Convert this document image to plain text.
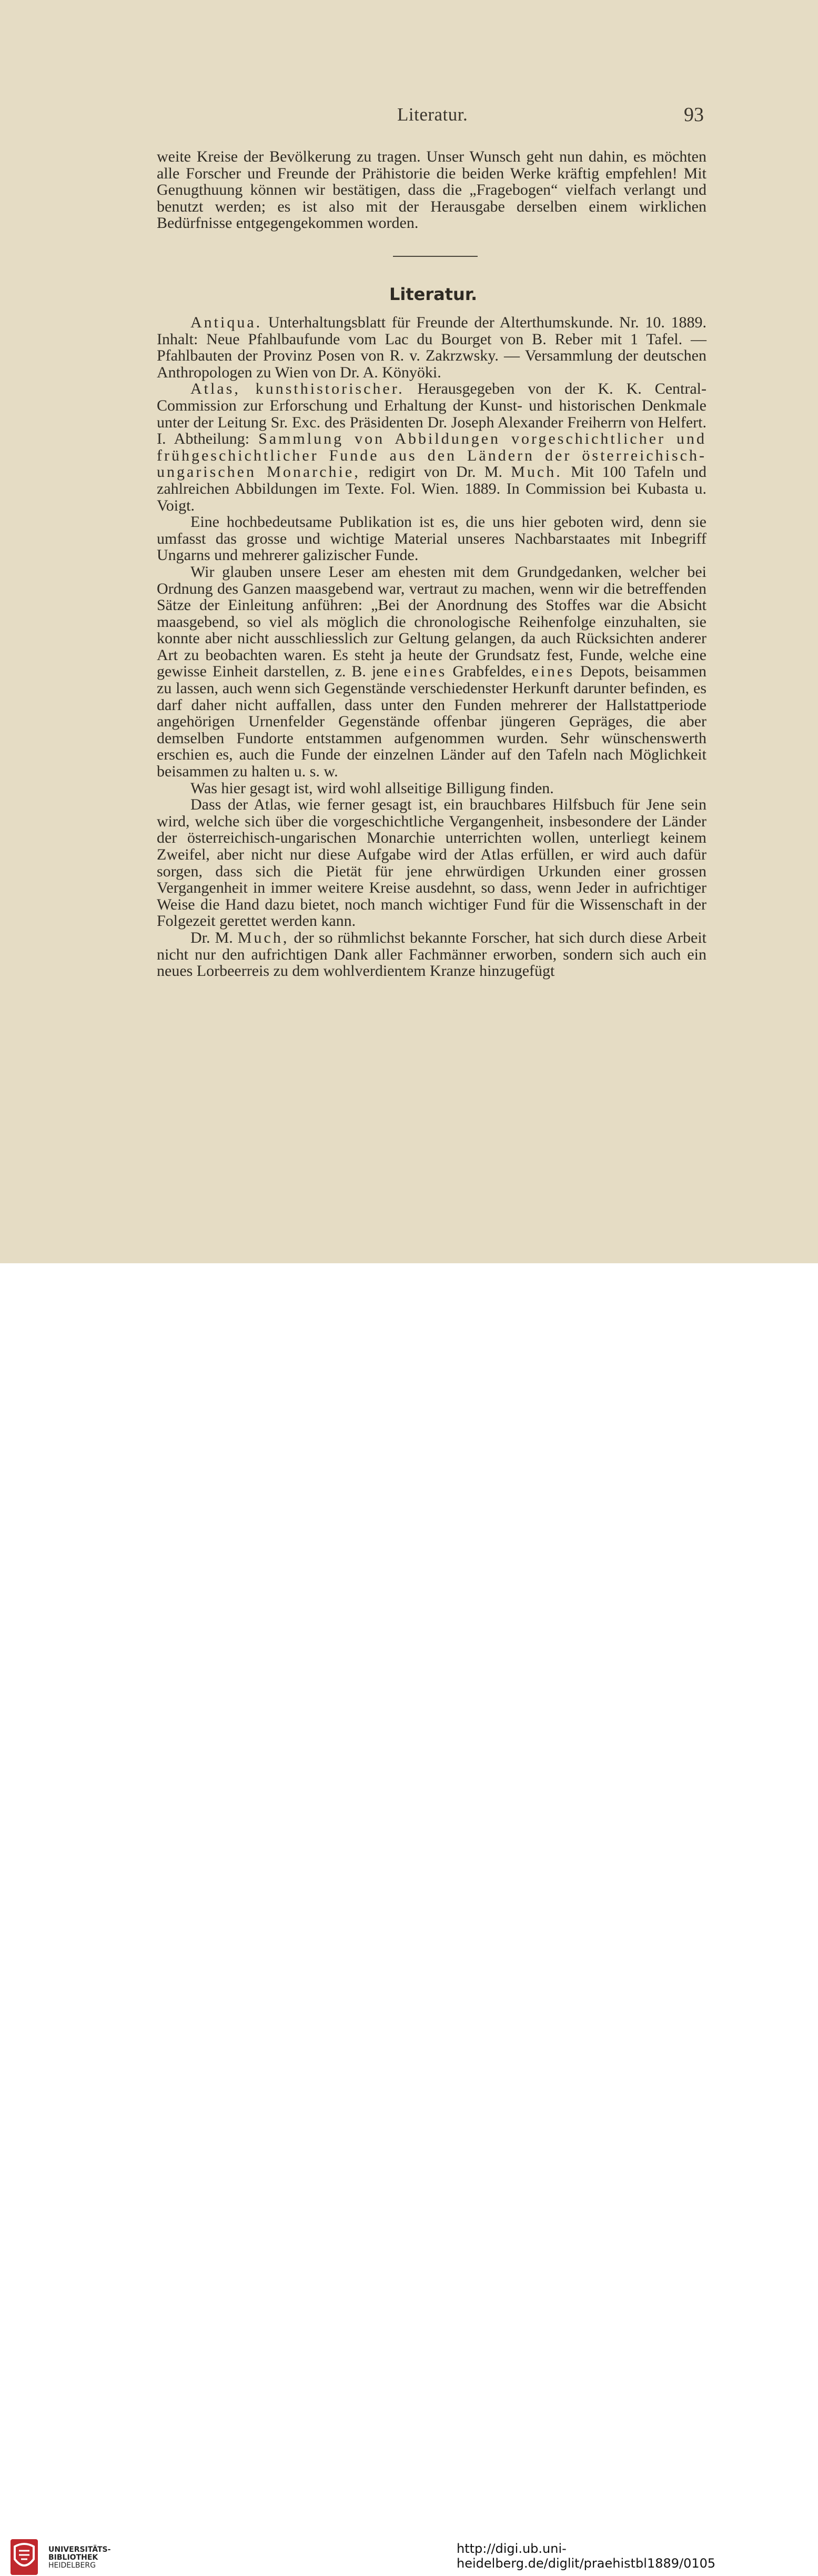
Literatur.	93

weite Kreise der Bevölkerung zu tragen. Unser Wunsch geht nun dahin, es möchten alle Forscher und Freunde der Prähistorie die beiden Werke kräftig empfehlen! Mit Genugthuung können wir bestätigen, dass die „Fragebogen“ vielfach verlangt und benutzt werden; es ist also mit der Herausgabe derselben einem wirklichen Bedürfnisse entgegengekommen worden.

Literatur.

Antiqua. Unterhaltungsblatt für Freunde der Alterthumskunde. Nr. 10. 1889. Inhalt: Neue Pfahlbaufunde vom Lac du Bourget von B. Reber mit 1 Tafel. — Pfahlbauten der Provinz Posen von R. v. Zakrzwsky. — Versammlung der deutschen Anthropologen zu Wien von Dr. A. Könyöki.

Atlas, kunsthistorischer. Herausgegeben von der K. K. Central-Commission zur Erforschung und Erhaltung der Kunst- und historischen Denkmale unter der Leitung Sr. Exc. des Präsidenten Dr. Joseph Alexander Freiherrn von Helfert. I. Abtheilung: Sammlung von Abbildungen vorgeschichtlicher und frühgeschichtlicher Funde aus den Ländern der österreichisch-ungarischen Monarchie, redigirt von Dr. M. Much. Mit 100 Tafeln und zahlreichen Abbildungen im Texte. Fol. Wien. 1889. In Commission bei Kubasta u. Voigt.

Eine hochbedeutsame Publikation ist es, die uns hier geboten wird, denn sie umfasst das grosse und wichtige Material unseres Nachbarstaates mit Inbegriff Ungarns und mehrerer galizischer Funde.

Wir glauben unsere Leser am ehesten mit dem Grundgedanken, welcher bei Ordnung des Ganzen maasgebend war, vertraut zu machen, wenn wir die betreffenden Sätze der Einleitung anführen: „Bei der Anordnung des Stoffes war die Absicht maasgebend, so viel als möglich die chronologische Reihenfolge einzuhalten, sie konnte aber nicht ausschliesslich zur Geltung gelangen, da auch Rücksichten anderer Art zu beobachten waren. Es steht ja heute der Grundsatz fest, Funde, welche eine gewisse Einheit darstellen, z. B. jene eines Grabfeldes, eines Depots, beisammen zu lassen, auch wenn sich Gegenstände verschiedenster Herkunft darunter befinden, es darf daher nicht auffallen, dass unter den Funden mehrerer der Hallstattperiode angehörigen Urnenfelder Gegenstände offenbar jüngeren Gepräges, die aber demselben Fundorte entstammen aufgenommen wurden. Sehr wünschenswerth erschien es, auch die Funde der einzelnen Länder auf den Tafeln nach Möglichkeit beisammen zu halten u. s. w.

Was hier gesagt ist, wird wohl allseitige Billigung finden.

Dass der Atlas, wie ferner gesagt ist, ein brauchbares Hilfsbuch für Jene sein wird, welche sich über die vorgeschichtliche Vergangenheit, insbesondere der Länder der österreichisch-ungarischen Monarchie unterrichten wollen, unterliegt keinem Zweifel, aber nicht nur diese Aufgabe wird der Atlas erfüllen, er wird auch dafür sorgen, dass sich die Pietät für jene ehrwürdigen Urkunden einer grossen Vergangenheit in immer weitere Kreise ausdehnt, so dass, wenn Jeder in aufrichtiger Weise die Hand dazu bietet, noch manch wichtiger Fund für die Wissenschaft in der Folgezeit gerettet werden kann.

Dr. M. Much, der so rühmlichst bekannte Forscher, hat sich durch diese Arbeit nicht nur den aufrichtigen Dank aller Fachmänner erworben, sondern sich auch ein neues Lorbeerreis zu dem wohlverdientem Kranze hinzugefügt

UNIVERSITÄTS-
BIBLIOTHEK
HEIDELBERG
http://digi.ub.uni-heidelberg.de/diglit/praehistbl1889/0105
